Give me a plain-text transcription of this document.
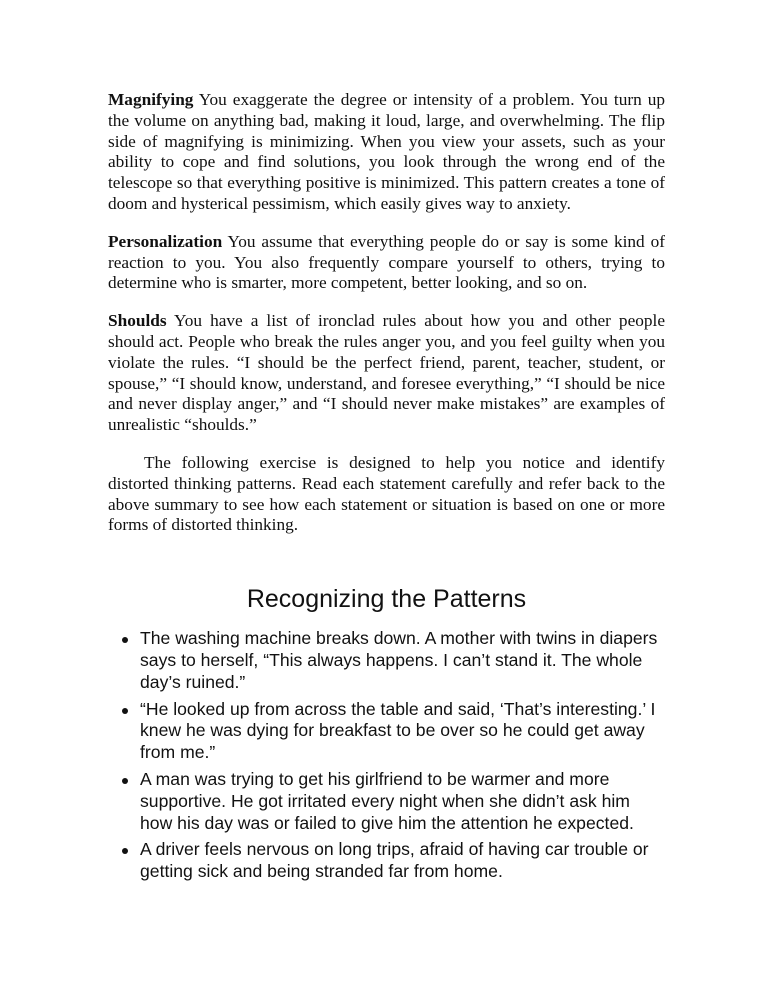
Magnifying You exaggerate the degree or intensity of a problem. You turn up the volume on anything bad, making it loud, large, and overwhelming. The flip side of magnifying is minimizing. When you view your assets, such as your ability to cope and find solutions, you look through the wrong end of the telescope so that everything positive is minimized. This pattern creates a tone of doom and hysterical pessimism, which easily gives way to anxiety.

Personalization You assume that everything people do or say is some kind of reaction to you. You also frequently compare yourself to others, trying to determine who is smarter, more competent, better looking, and so on.

Shoulds You have a list of ironclad rules about how you and other people should act. People who break the rules anger you, and you feel guilty when you violate the rules. “I should be the perfect friend, parent, teacher, student, or spouse,” “I should know, understand, and foresee everything,” “I should be nice and never display anger,” and “I should never make mistakes” are examples of unrealistic “shoulds.”

The following exercise is designed to help you notice and identify distorted thinking patterns. Read each statement carefully and refer back to the above summary to see how each statement or situation is based on one or more forms of distorted thinking.

Recognizing the Patterns
The washing machine breaks down. A mother with twins in diapers says to herself, “This always happens. I can’t stand it. The whole day’s ruined.”
“He looked up from across the table and said, ‘That’s interesting.’ I knew he was dying for breakfast to be over so he could get away from me.”
A man was trying to get his girlfriend to be warmer and more supportive. He got irritated every night when she didn’t ask him how his day was or failed to give him the attention he expected.
A driver feels nervous on long trips, afraid of having car trouble or getting sick and being stranded far from home.
